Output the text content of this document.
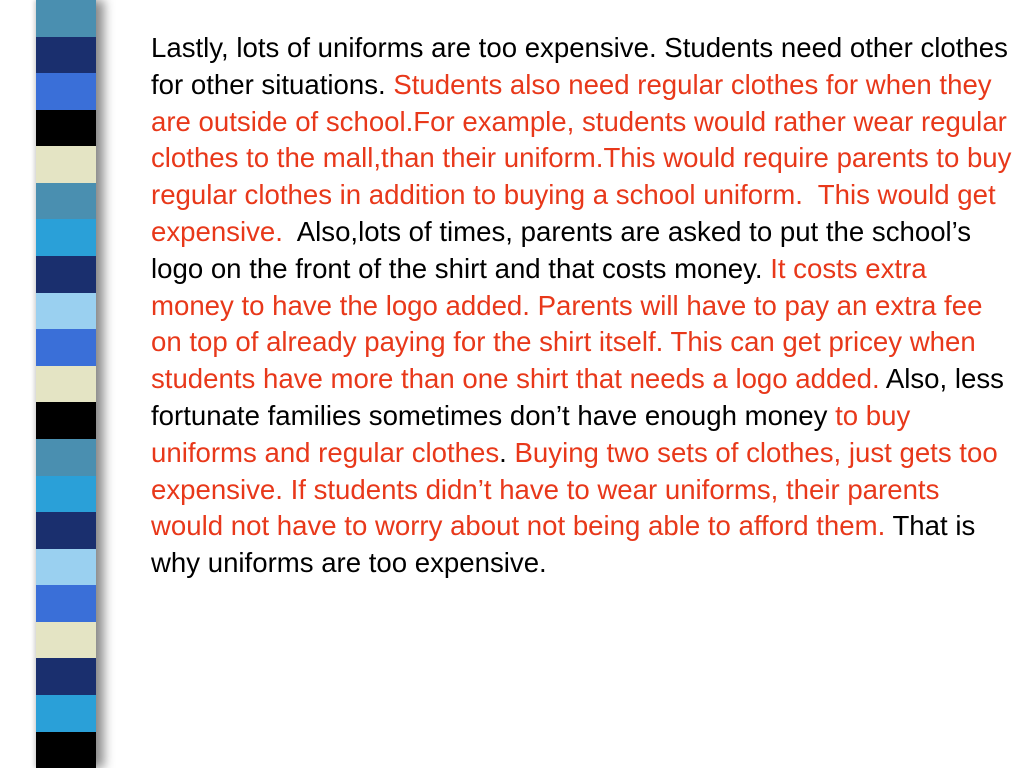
Lastly, lots of uniforms are too expensive. Students need other clothes for other situations. Students also need regular clothes for when they are outside of school.For example, students would rather wear regular clothes to the mall,than their uniform.This would require parents to buy regular clothes in addition to buying a school uniform.  This would get expensive.  Also,lots of times, parents are asked to put the school’s logo on the front of the shirt and that costs money. It costs extra money to have the logo added. Parents will have to pay an extra fee on top of already paying for the shirt itself. This can get pricey when students have more than one shirt that needs a logo added. Also, less fortunate families sometimes don’t have enough money to buy uniforms and regular clothes. Buying two sets of clothes, just gets too expensive. If students didn’t have to wear uniforms, their parents would not have to worry about not being able to afford them. That is why uniforms are too expensive.
